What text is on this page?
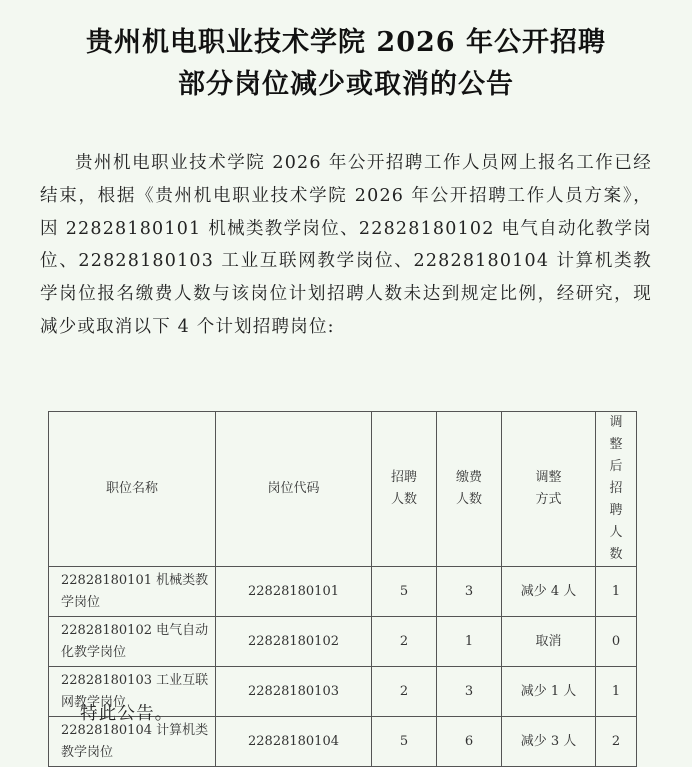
贵州机电职业技术学院 2026 年公开招聘
部分岗位减少或取消的公告
贵州机电职业技术学院 2026 年公开招聘工作人员网上报名工作已经结束，根据《贵州机电职业技术学院 2026 年公开招聘工作人员方案》，因 22828180101 机械类教学岗位、22828180102 电气自动化教学岗位、22828180103 工业互联网教学岗位、22828180104 计算机类教学岗位报名缴费人数与该岗位计划招聘人数未达到规定比例，经研究，现减少或取消以下 4 个计划招聘岗位:
职位名称	岗位代码	招聘人数	缴费人数	调整方式	调整后招聘人数
22828180101 机械类教学岗位	22828180101	5	3	减少 4 人	1
22828180102 电气自动化教学岗位	22828180102	2	1	取消	0
22828180103 工业互联网教学岗位	22828180103	2	3	减少 1 人	1
22828180104 计算机类教学岗位	22828180104	5	6	减少 3 人	2
特此公告。
